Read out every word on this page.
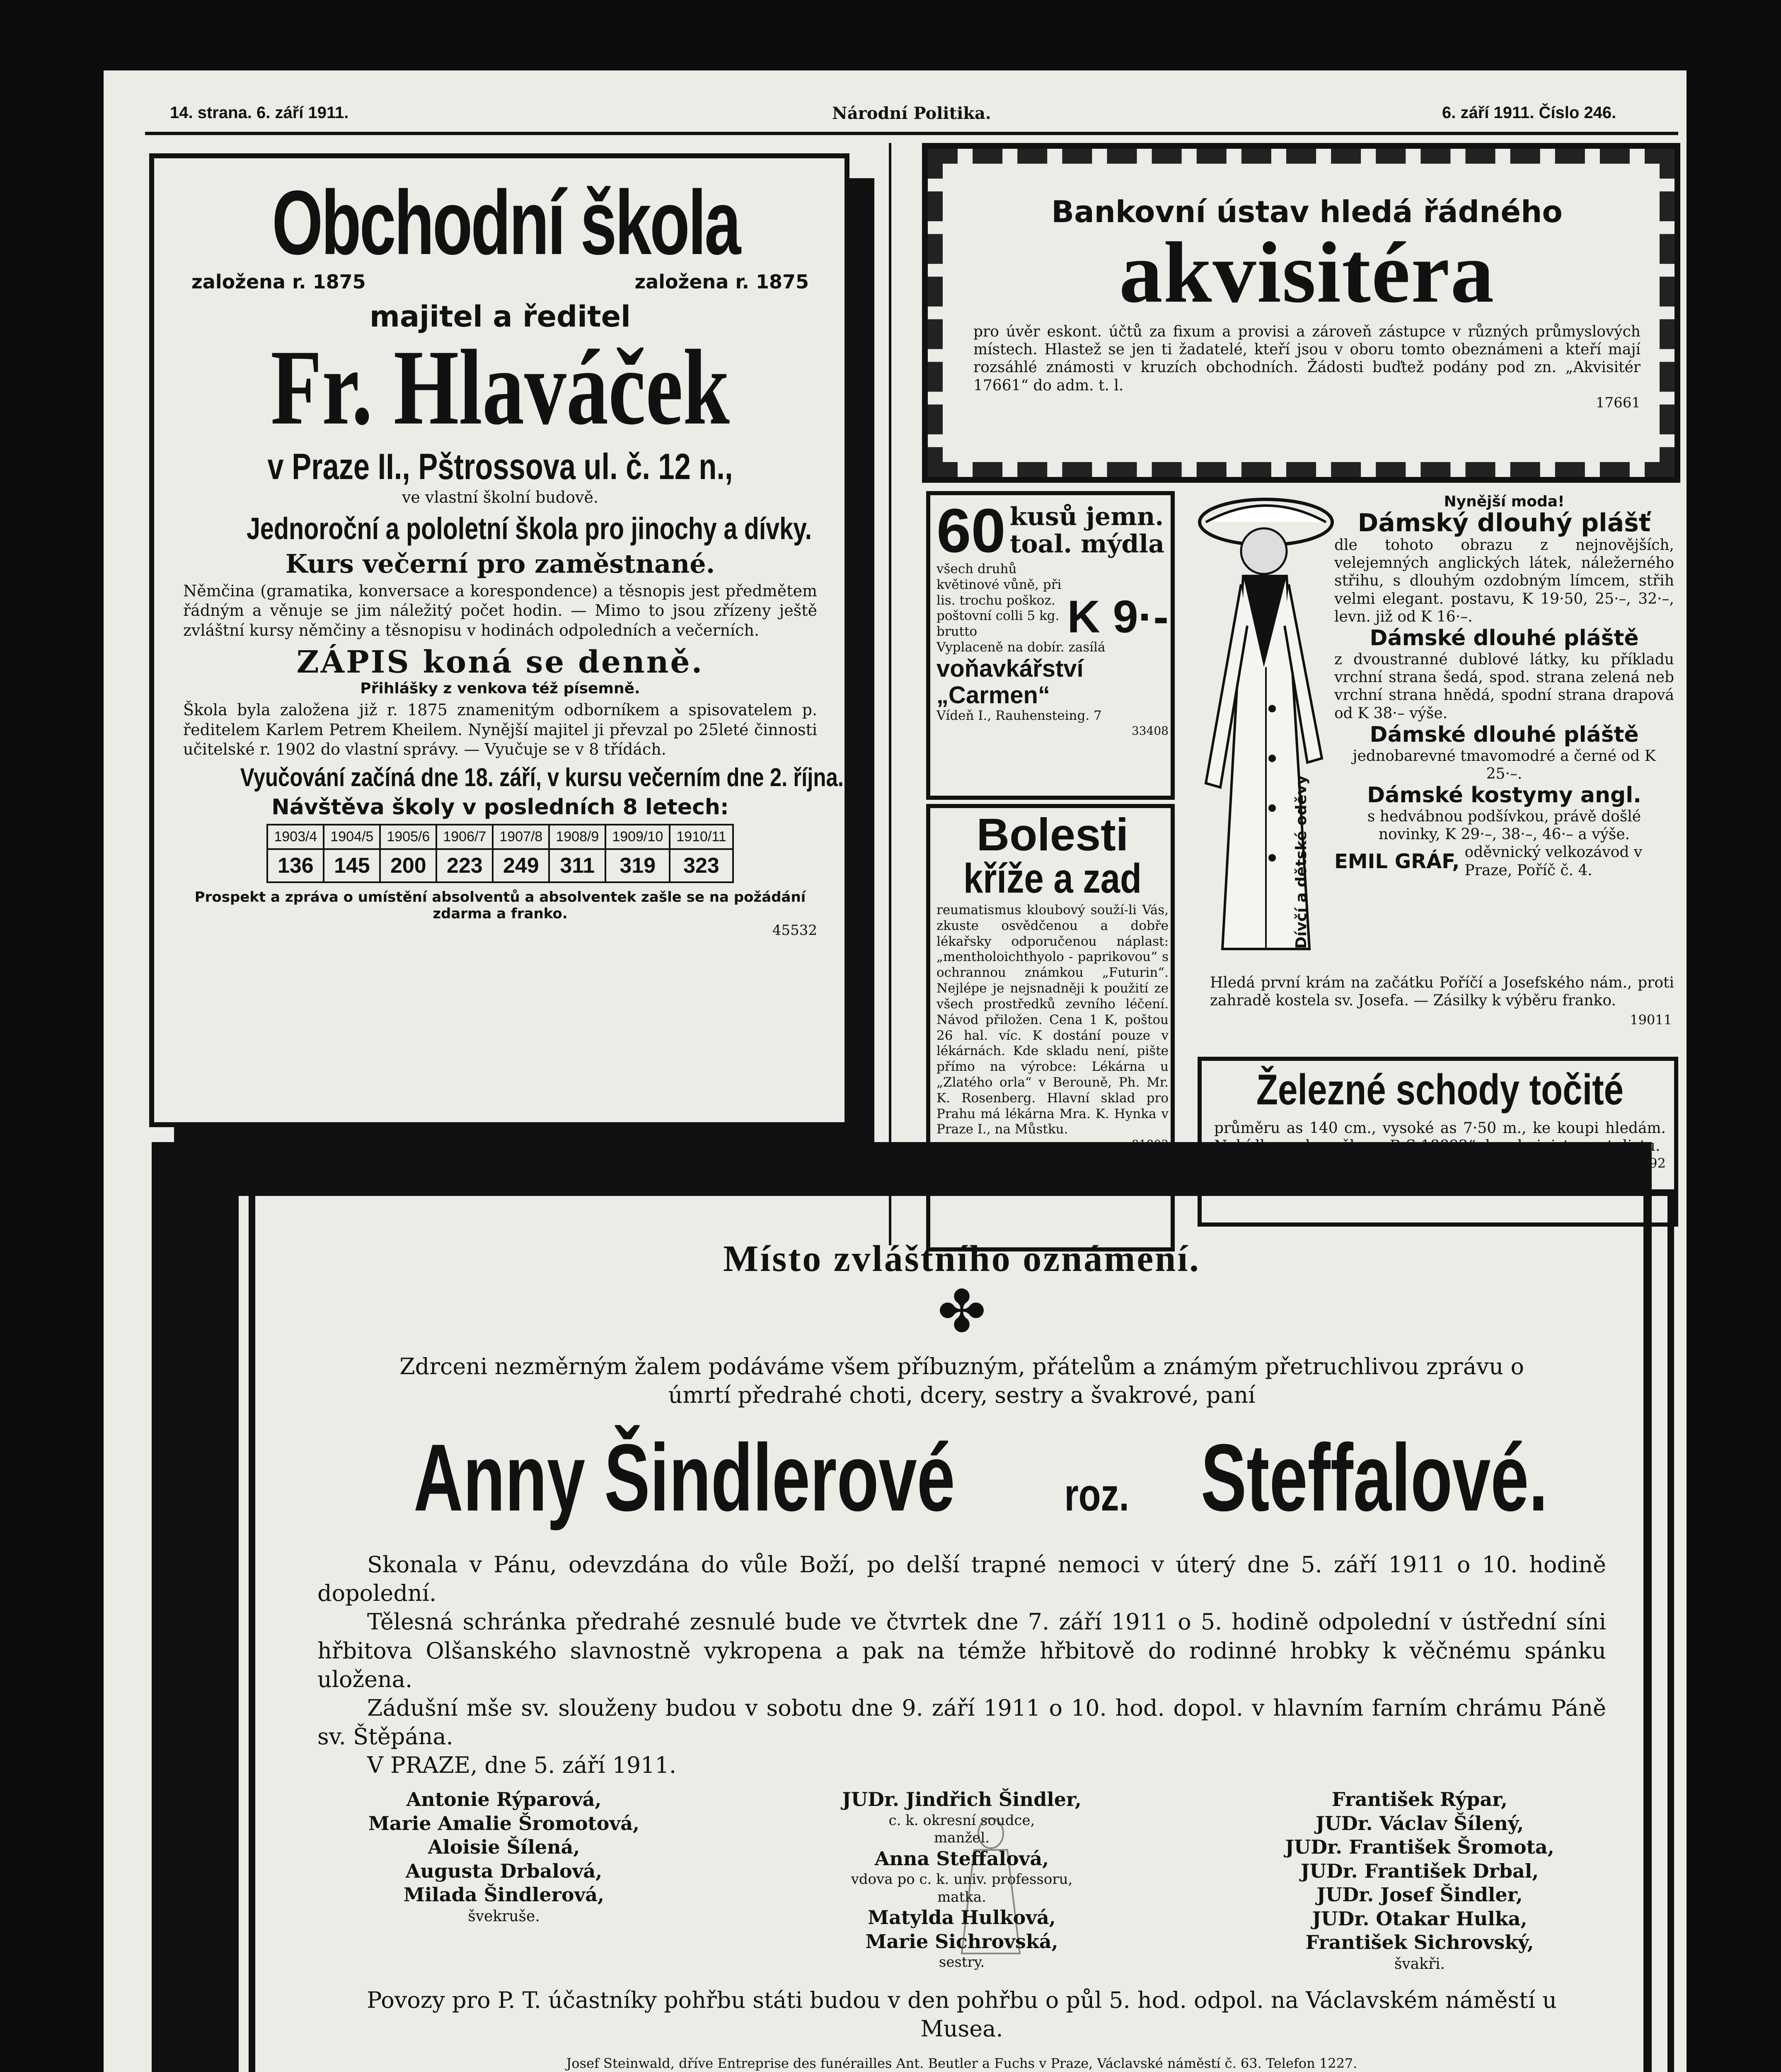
14. strana. 6. září 1911.	Národní Politika.	6. září 1911. Číslo 246.
Obchodní škola
založena r. 1875	založena r. 1875
majitel a ředitel
Fr. Hlaváček
v Praze II., Pštrossova ul. č. 12 n.,
ve vlastní školní budově.
Jednoroční a pololetní škola pro jinochy a dívky.
Kurs večerní pro zaměstnané.
Němčina (gramatika, konversace a korespondence) a těsnopis jest předmětem řádným a věnuje se jim náležitý počet hodin. — Mimo to jsou zřízeny ještě zvláštní kursy němčiny a těsnopisu v hodinách odpoledních a večerních.
ZÁPIS koná se denně.
Přihlášky z venkova též písemně.
Škola byla založena již r. 1875 znamenitým odborníkem a spisovatelem p. ředitelem Karlem Petrem Kheilem. Nynější majitel ji převzal po 25leté činnosti učitelské r. 1902 do vlastní správy. — Vyučuje se v 8 třídách.
Vyučování začíná dne 18. září, v kursu večerním dne 2. října.
Návštěva školy v posledních 8 letech:
1903/4	1904/5	1905/6	1906/7	1907/8	1908/9	1909/10	1910/11
136	145	200	223	249	311	319	323
Prospekt a zpráva o umístění absolventů a absolventek zašle se na požádání zdarma a franko.
45532
Bankovní ústav hledá řádného
akvisitéra
pro úvěr eskont. účtů za fixum a provisi a zároveň zástupce v různých průmyslových místech. Hlastež se jen ti žadatelé, kteří jsou v oboru tomto obeznámeni a kteří mají rozsáhlé známosti v kruzích obchodních. Žádosti buďtež podány pod zn. „Akvisitér 17661“ do adm. t. l.
17661
60 kusů jemn.
toal. mýdla
všech druhů květinové vůně, při lis. trochu poškoz. poštovní colli 5 kg. brutto	K 9·-
Vyplaceně na dobír. zasílá
voňavkářství „Carmen“
Vídeň I., Rauhensteing. 7
33408
Bolesti
kříže a zad
reumatismus kloubový souží-li Vás, zkuste osvědčenou a dobře lékařsky odporučenou náplast: „mentholoichthyolo - paprikovou“ s ochrannou známkou „Futurin“. Nejlépe je nejsnadněji k použití ze všech prostředků zevního léčení. Návod přiložen. Cena 1 K, poštou 26 hal. víc. K dostání pouze v lékárnách. Kde skladu není, pište přímo na výrobce: Lékárna u „Zlatého orla“ v Berouně, Ph. Mr. K. Rosenberg. Hlavní sklad pro Prahu má lékárna Mra. K. Hynka v Praze I., na Můstku.
81803
Dívčí a dětské oděvy
Nynější moda!
Dámský dlouhý plášť
dle tohoto obrazu z nejnovějších, velejemných anglických látek, náležerného střihu, s dlouhým ozdobným límcem, střih velmi elegant. postavu, K 19·50, 25·–, 32·–, levn. již od K 16·–.
Dámské dlouhé pláště
z dvoustranné dublové látky, ku příkladu vrchní strana šedá, spod. strana zelená neb vrchní strana hnědá, spodní strana drapová od K 38·– výše.
Dámské dlouhé pláště
jednobarevné tmavomodré a černé od K 25·–.
Dámské kostymy angl.
s hedvábnou podšívkou, právě došlé novinky, K 29·–, 38·–, 46·– a výše.
EMIL GRÁF, oděvnický velkozávod v Praze, Poříč č. 4.
Hledá první krám na začátku Poříčí a Josefského nám., proti zahradě kostela sv. Josefa. — Zásilky k výběru franko.
19011
Železné schody točité
průměru as 140 cm., vysoké as 7·50 m., ke koupi hledám. Nabídky pod značkou „R S 18892“ do administrace t. listu.
18892
Místo zvláštního oznámení.
✤
Zdrceni nezměrným žalem podáváme všem příbuzným, přátelům a známým přetruchlivou zprávu o úmrtí předrahé choti, dcery, sestry a švakrové, paní
Anny Šindlerové roz. Steffalové.
Skonala v Pánu, odevzdána do vůle Boží, po delší trapné nemoci v úterý dne 5. září 1911 o 10. hodině dopolední.
Tělesná schránka předrahé zesnulé bude ve čtvrtek dne 7. září 1911 o 5. hodině odpolední v ústřední síni hřbitova Olšanského slavnostně vykropena a pak na témže hřbitově do rodinné hrobky k věčnému spánku uložena.
Zádušní mše sv. slouženy budou v sobotu dne 9. září 1911 o 10. hod. dopol. v hlavním farním chrámu Páně sv. Štěpána.
V PRAZE, dne 5. září 1911.
Antonie Rýparová,
Marie Amalie Šromotová,
Aloisie Šílená,
Augusta Drbalová,
Milada Šindlerová,
švekruše.
JUDr. Jindřich Šindler,
c. k. okresní soudce,
manžel.
Anna Steffalová,
vdova po c. k. univ. professoru,
matka.
Matylda Hulková,
Marie Sichrovská,
sestry.
František Rýpar,
JUDr. Václav Šílený,
JUDr. František Šromota,
JUDr. František Drbal,
JUDr. Josef Šindler,
JUDr. Otakar Hulka,
František Sichrovský,
švakři.
Povozy pro P. T. účastníky pohřbu státi budou v den pohřbu o půl 5. hod. odpol. na Václavském náměstí u Musea.
Josef Steinwald, dříve Entreprise des funérailles Ant. Beutler a Fuchs v Praze, Václavské náměstí č. 63. Telefon 1227.
